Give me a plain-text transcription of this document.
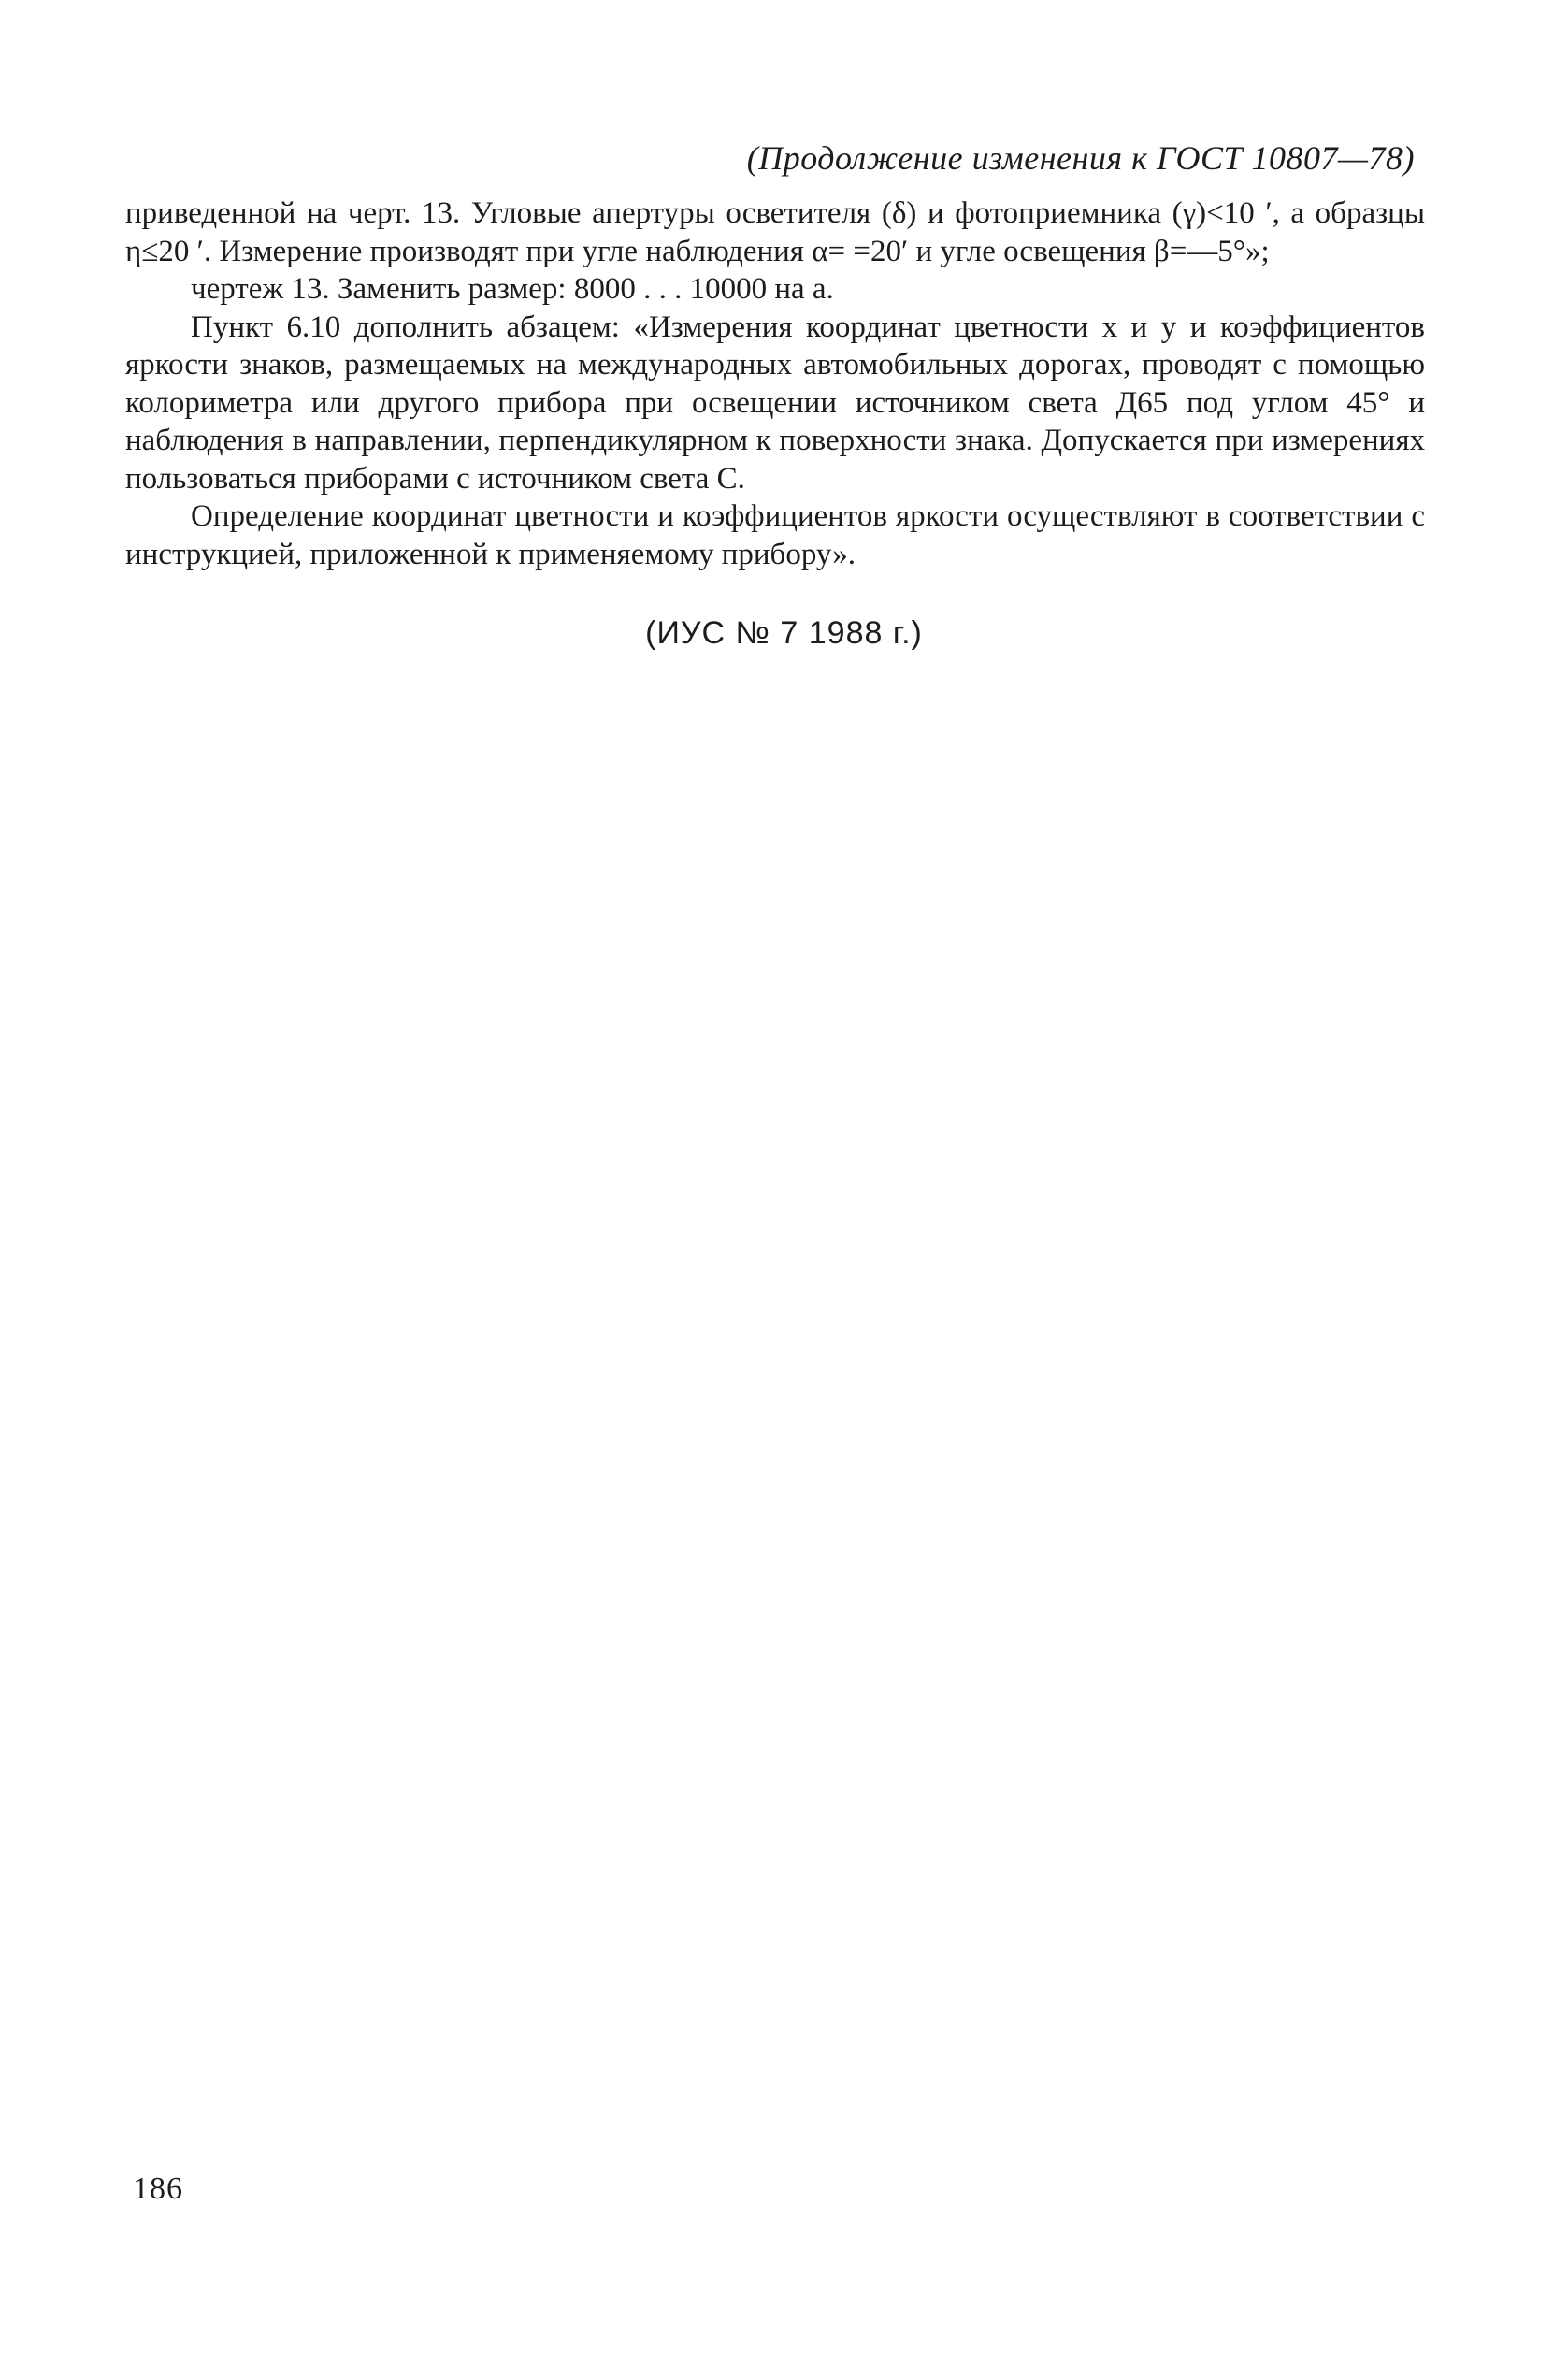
(Продолжение изменения к ГОСТ 10807—78)

приведенной на черт. 13. Угловые апертуры осветителя (δ) и фотоприемника (γ)<10 ′, а образцы η≤20 ′. Измерение производят при угле наблюдения α= =20′ и угле освещения β=—5°»;

чертеж 13. Заменить размер: 8000 . . . 10000 на a.

Пункт 6.10 дополнить абзацем: «Измерения координат цветности x и y и коэффициентов яркости знаков, размещаемых на международных автомобильных дорогах, проводят с помощью колориметра или другого прибора при освещении источником света Д65 под углом 45° и наблюдения в направлении, перпендикулярном к поверхности знака. Допускается при измерениях пользоваться приборами с источником света С.

Определение координат цветности и коэффициентов яркости осуществляют в соответствии с инструкцией, приложенной к применяемому прибору».

(ИУС № 7 1988 г.)
186
